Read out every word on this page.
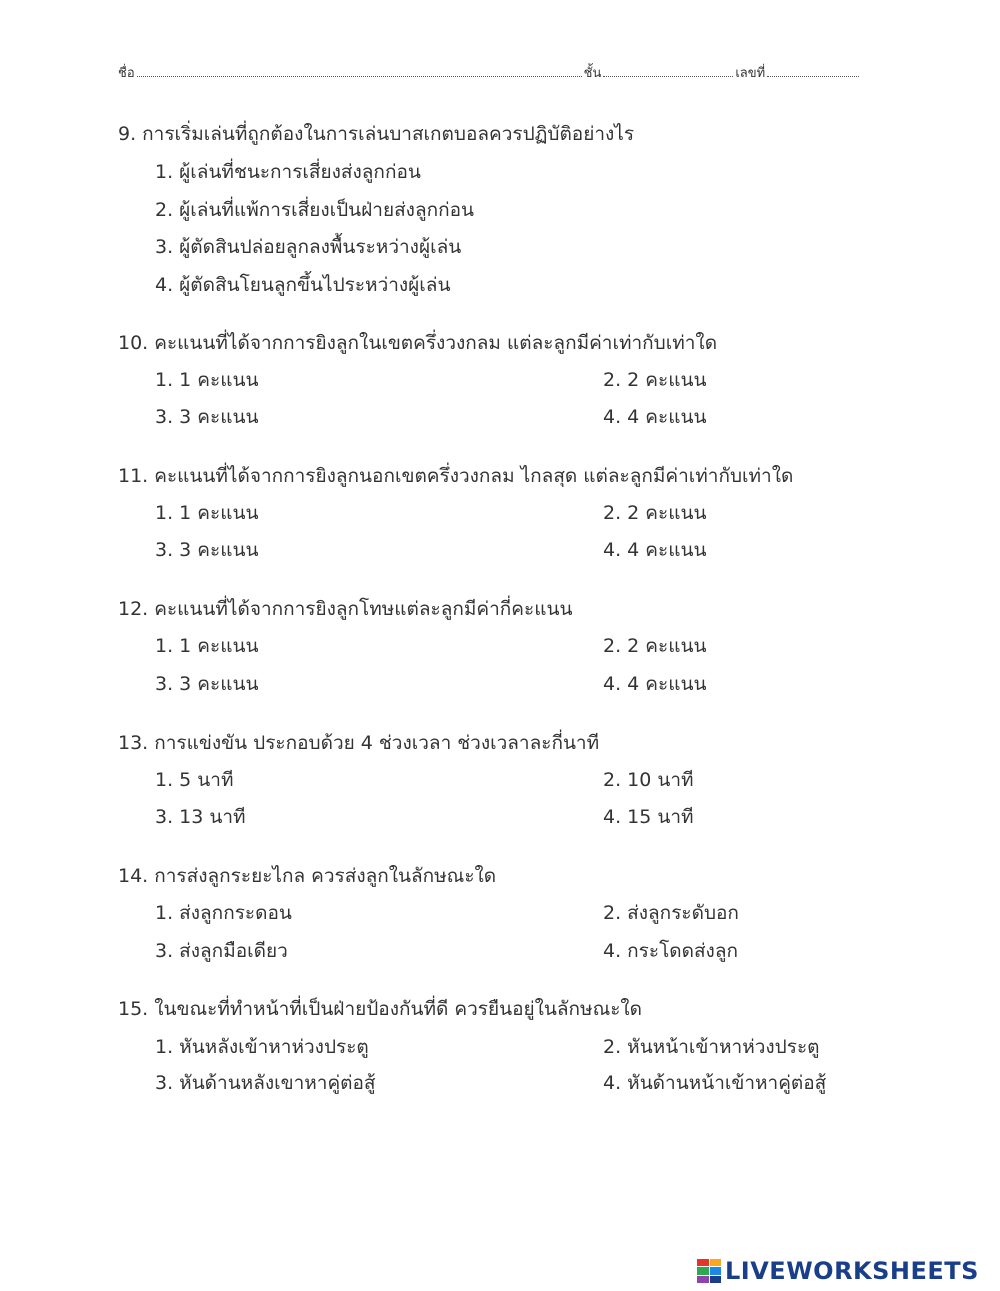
ชื่อ	ชั้น	เลขที่

9. การเริ่มเล่นที่ถูกต้องในการเล่นบาสเกตบอลควรปฏิบัติอย่างไร

1. ผู้เล่นที่ชนะการเสี่ยงส่งลูกก่อน
2. ผู้เล่นที่แพ้การเสี่ยงเป็นฝ่ายส่งลูกก่อน
3. ผู้ตัดสินปล่อยลูกลงพื้นระหว่างผู้เล่น
4. ผู้ตัดสินโยนลูกขึ้นไประหว่างผู้เล่น

10. คะแนนที่ได้จากการยิงลูกในเขตครึ่งวงกลม แต่ละลูกมีค่าเท่ากับเท่าใด

1. 1 คะแนน	2. 2 คะแนน
3. 3 คะแนน	4. 4 คะแนน

11. คะแนนที่ได้จากการยิงลูกนอกเขตครึ่งวงกลม ไกลสุด แต่ละลูกมีค่าเท่ากับเท่าใด

1. 1 คะแนน	2. 2 คะแนน
3. 3 คะแนน	4. 4 คะแนน

12. คะแนนที่ได้จากการยิงลูกโทษแต่ละลูกมีค่ากี่คะแนน

1. 1 คะแนน	2. 2 คะแนน
3. 3 คะแนน	4. 4 คะแนน

13. การแข่งขัน ประกอบด้วย 4 ช่วงเวลา ช่วงเวลาละกี่นาที

1. 5 นาที	2. 10 นาที
3. 13 นาที	4. 15 นาที

14. การส่งลูกระยะไกล ควรส่งลูกในลักษณะใด

1. ส่งลูกกระดอน	2. ส่งลูกระดับอก
3. ส่งลูกมือเดียว	4. กระโดดส่งลูก

15. ในขณะที่ทำหน้าที่เป็นฝ่ายป้องกันที่ดี ควรยืนอยู่ในลักษณะใด

1. หันหลังเข้าหาห่วงประตู	2. หันหน้าเข้าหาห่วงประตู
3. หันด้านหลังเขาหาคู่ต่อสู้	4. หันด้านหน้าเข้าหาคู่ต่อสู้
LIVEWORKSHEETS
